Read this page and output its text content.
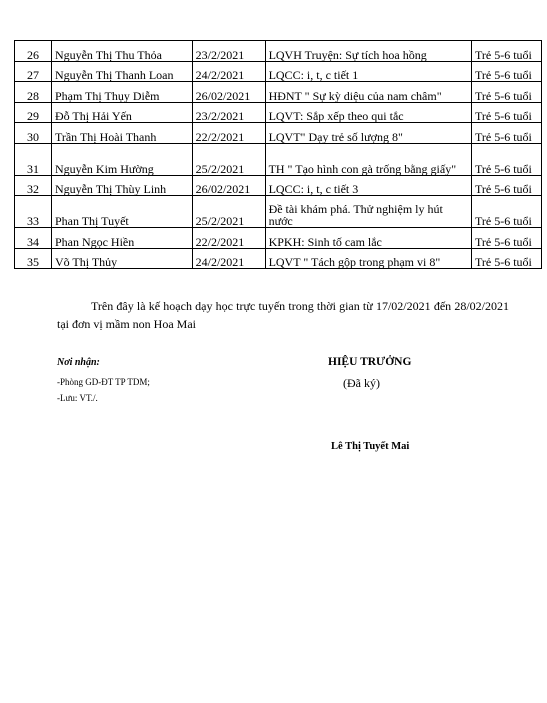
26	Nguyễn Thị Thu Thỏa	23/2/2021	LQVH Truyện: Sự tích hoa hồng	Trẻ 5-6 tuổi
27	Nguyễn Thị Thanh Loan	24/2/2021	LQCC: i, t, c tiết 1	Trẻ 5-6 tuổi
28	Phạm Thị Thụy Diễm	26/02/2021	HĐNT " Sự kỳ diệu của nam châm"	Trẻ 5-6 tuổi
29	Đỗ Thị Hải Yến	23/2/2021	LQVT: Sắp xếp theo qui tắc	Trẻ 5-6 tuổi
30	Trần Thị Hoài Thanh	22/2/2021	LQVT" Dạy trẻ số lượng 8"	Trẻ 5-6 tuổi
31	Nguyễn Kim Hường	25/2/2021	TH " Tạo hình con gà trống bằng giấy"	Trẻ 5-6 tuổi
32	Nguyễn Thị Thùy Linh	26/02/2021	LQCC: i, t, c tiết 3	Trẻ 5-6 tuổi
33	Phan Thị Tuyết	25/2/2021	Đề tài khám phá. Thử nghiệm ly hút nước	Trẻ 5-6 tuổi
34	Phan Ngọc Hiền	22/2/2021	KPKH: Sinh tố cam lắc	Trẻ 5-6 tuổi
35	Võ Thị Thủy	24/2/2021	LQVT " Tách gộp trong phạm vi 8"	Trẻ 5-6 tuổi
Trên đây là kế hoạch dạy học trực tuyến trong thời gian từ 17/02/2021 đến 28/02/2021 tại đơn vị mầm non Hoa Mai
Nơi nhận:
-Phòng GD-ĐT TP TDM;
-Lưu: VT./.
HIỆU TRƯỞNG
(Đã ký)
Lê Thị Tuyết Mai
